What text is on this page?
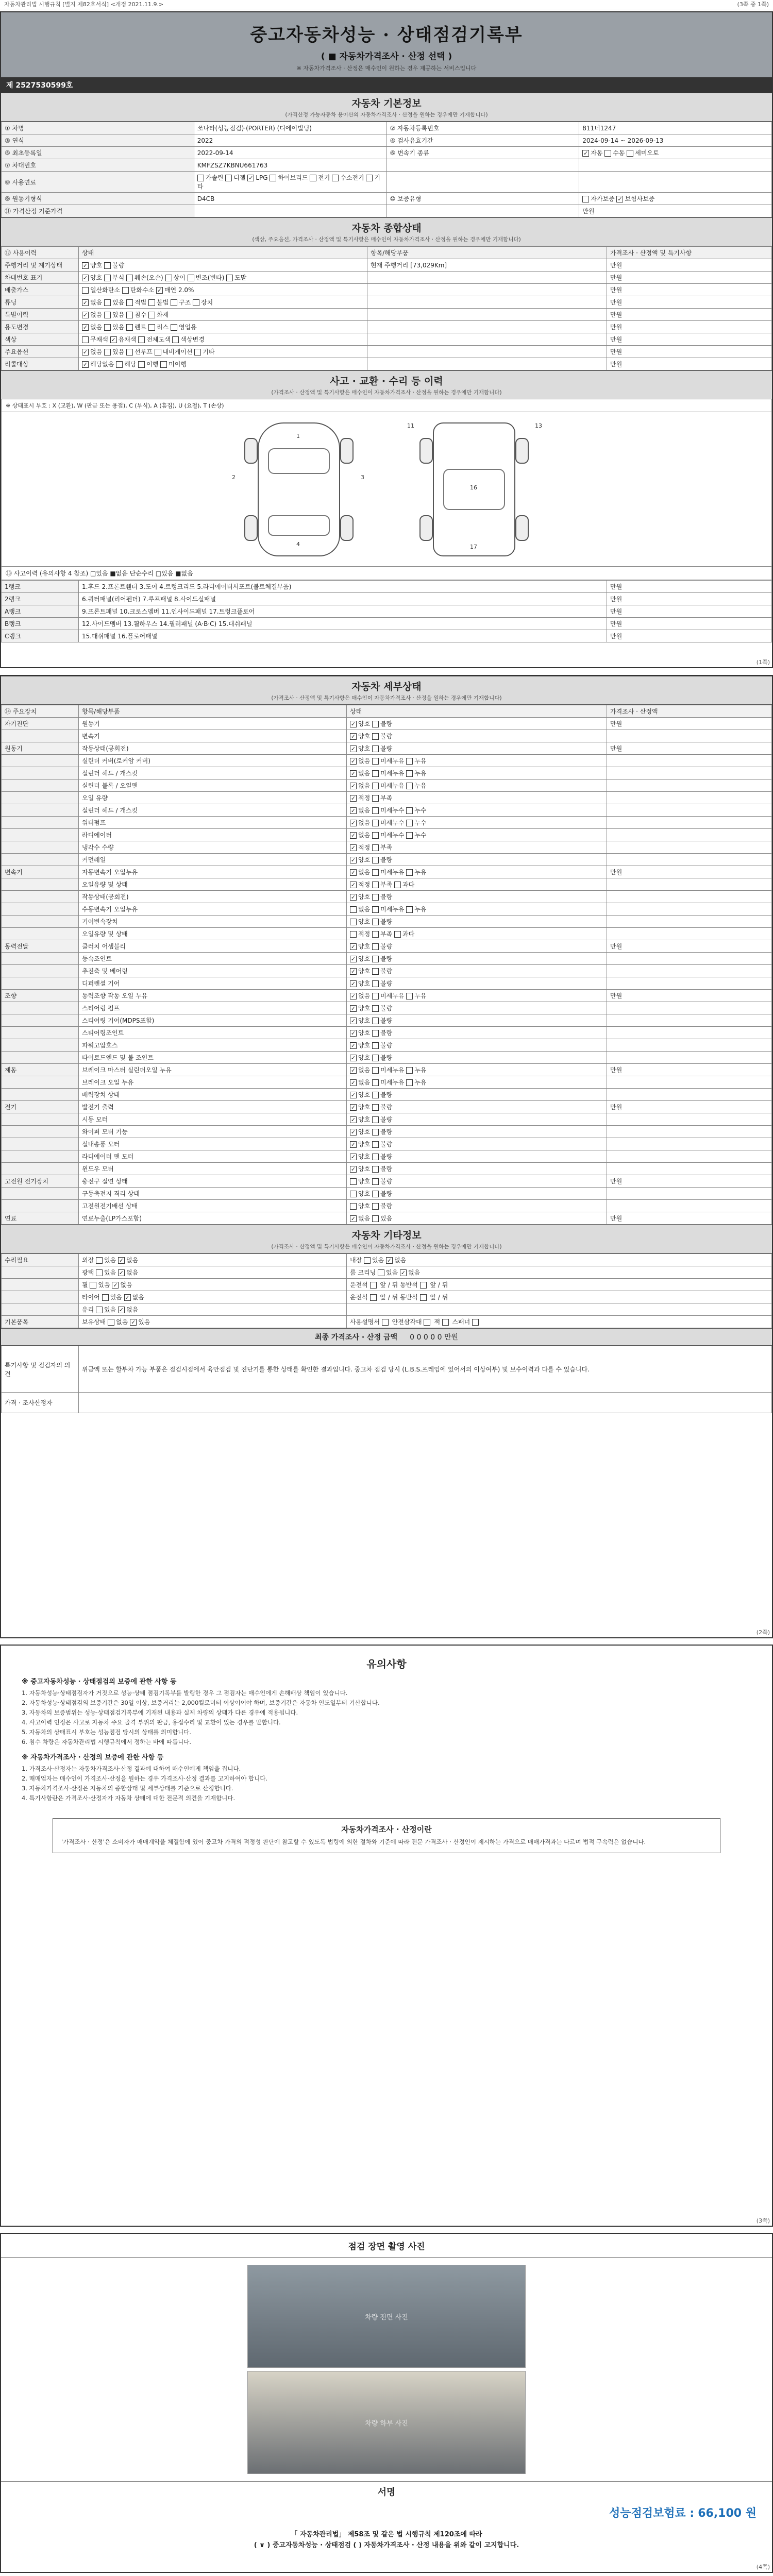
자동차관리법 시행규칙 [별지 제82호서식] <개정 2021.11.9.>	(3쪽 중 1쪽)
중고자동차성능 · 상태점검기록부
( ■ 자동차가격조사 · 산정 선택 )
※ 자동차가격조사 · 산정은 매수인이 원하는 경우 제공하는 서비스입니다
제 2527530599호
자동차 기본정보
(가격산정 가능자동차 용이산의 자동차가격조사 · 산정을 원하는 경우에만 기재합니다)
① 차명	쏘나타(성능점검)·(PORTER) (디에이빌딩)	② 자동차등록번호	811너1247
③ 연식	2022	④ 검사유효기간	2024-09-14 ~ 2026-09-13
⑤ 최초등록일	2022-09-14	⑥ 변속기 종류	✓자동 수동 세미오토
⑦ 차대번호	KMFZSZ7KBNU661763		
⑧ 사용연료	가솔린 디젤 ✓LPG 하이브리드 전기 수소전기 기타		
⑨ 원동기형식	D4CB	⑩ 보증유형	자가보증 ✓보험사보증
⑪ 가격산정 기준가격			만원
자동차 종합상태
(색상, 주요옵션, 가격조사 · 산정액 및 특기사항은 매수인이 자동차가격조사 · 산정을 원하는 경우에만 기재합니다)
⑫ 사용이력	상태	항목/해당부품	가격조사 · 산정액 및 특기사항
주행거리 및 계기상태	✓양호 불량	현재 주행거리 [73,029Km]	만원
차대번호 표기	✓양호 부식 훼손(오손) 상이 변조(변타) 도말		만원
배출가스	일산화탄소 탄화수소 ✓매연 2.0%		만원
튜닝	✓없음 있음 적법 불법 구조 장치		만원
특별이력	✓없음 있음 침수 화재		만원
용도변경	✓없음 있음 렌트 리스 영업용		만원
색상	무채색 ✓유채색 전체도색 색상변경		만원
주요옵션	✓없음 있음 선루프 내비게이션 기타		만원
리콜대상	✓해당없음 해당 이행 미이행		만원
사고 · 교환 · 수리 등 이력
(가격조사 · 산정액 및 특기사항은 매수인이 자동차가격조사 · 산정을 원하는 경우에만 기재합니다)
※ 상태표시 부호 : X (교환), W (판금 또는 용접), C (부식), A (흠집), U (요철), T (손상)
1
2	3
4
11	13
16
17
⑬ 사고이력 (유의사항 4 참조) □있음 ■없음 단순수리 □있음 ■없음
1랭크	1.후드 2.프론트휀더 3.도어 4.트렁크리드 5.라디에이터서포트(볼트체결부품)	만원
2랭크	6.쿼터패널(리어펜더) 7.루프패널 8.사이드실패널	만원
A랭크	9.프론트패널 10.크로스멤버 11.인사이드패널 17.트렁크플로어	만원
B랭크	12.사이드멤버 13.휠하우스 14.필러패널 (A·B·C) 15.대쉬패널	만원
C랭크	15.대쉬패널 16.플로어패널	만원
(1쪽)
자동차 세부상태
(가격조사 · 산정액 및 특기사항은 매수인이 자동차가격조사 · 산정을 원하는 경우에만 기재합니다)
⑭ 주요장치	항목/해당부품	상태	가격조사 · 산정액
자기진단	원동기	✓양호 불량	만원
	변속기	✓양호 불량	
원동기	작동상태(공회전)	✓양호 불량	만원
	실린더 커버(로커암 커버)	✓없음 미세누유 누유	
	실린더 헤드 / 개스킷	✓없음 미세누유 누유	
	실린더 블록 / 오일팬	✓없음 미세누유 누유	
	오일 유량	✓적정 부족	
	실린더 헤드 / 개스킷	✓없음 미세누수 누수	
	워터펌프	✓없음 미세누수 누수	
	라디에이터	✓없음 미세누수 누수	
	냉각수 수량	✓적정 부족	
	커먼레일	✓양호 불량	
변속기	자동변속기 오일누유	✓없음 미세누유 누유	만원
	오일유량 및 상태	✓적정 부족 과다	
	작동상태(공회전)	✓양호 불량	
	수동변속기 오일누유	없음 미세누유 누유	
	기어변속장치	양호 불량	
	오일유량 및 상태	적정 부족 과다	
동력전달	클러치 어셈블리	✓양호 불량	만원
	등속조인트	✓양호 불량	
	추진축 및 베어링	✓양호 불량	
	디퍼렌셜 기어	✓양호 불량	
조향	동력조향 작동 오일 누유	✓없음 미세누유 누유	만원
	스티어링 펌프	✓양호 불량	
	스티어링 기어(MDPS포함)	✓양호 불량	
	스티어링조인트	✓양호 불량	
	파워고압호스	✓양호 불량	
	타이로드엔드 및 볼 조인트	✓양호 불량	
제동	브레이크 마스터 실린더오일 누유	✓없음 미세누유 누유	만원
	브레이크 오일 누유	✓없음 미세누유 누유	
	배력장치 상태	✓양호 불량	
전기	발전기 출력	✓양호 불량	만원
	시동 모터	✓양호 불량	
	와이퍼 모터 기능	✓양호 불량	
	실내송풍 모터	✓양호 불량	
	라디에이터 팬 모터	✓양호 불량	
	윈도우 모터	✓양호 불량	
고전원 전기장치	충전구 절연 상태	양호 불량	만원
	구동축전지 격리 상태	양호 불량	
	고전원전기배선 상태	양호 불량	
연료	연료누출(LP가스포함)	✓없음 있음	만원
자동차 기타정보
(가격조사 · 산정액 및 특기사항은 매수인이 자동차가격조사 · 산정을 원하는 경우에만 기재합니다)
수리필요	외장 있음 ✓없음	내장 있음 ✓없음
	광택 있음 ✓없음	룸 크리닝 있음 ✓없음
	휠 있음 ✓없음	운전석  앞 / 뒤 동반석  앞 / 뒤
	타이어 있음 ✓없음	운전석  앞 / 뒤 동반석  앞 / 뒤
	유리 있음 ✓없음	
기본품목	보유상태 없음 ✓있음	사용설명서  안전삼각대  잭  스패너
최종 가격조사 · 산정 금액 0 0 0 0 0 만원
특기사항 및 점검자의 의견	위금액 또는 할부차 가능 부품은 점검시점에서 육안점검 및 진단기를 통한 상태를 확인한 결과입니다. 중고차 점검 당시 (L.B.S.프레임에 있어서의 이상여부) 및 보수이력과 다를 수 있습니다.
가격 · 조사산정자	
(2쪽)
유의사항
※ 중고자동차성능 · 상태점검의 보증에 관한 사항 등

1. 자동차성능·상태점검자가 거짓으로 성능·상태 점검기록부를 발행한 경우 그 점검자는 매수인에게 손해배상 책임이 있습니다.

2. 자동차성능·상태점검의 보증기간은 30일 이상, 보증거리는 2,000킬로미터 이상이어야 하며, 보증기간은 자동차 인도일부터 기산합니다.

3. 자동차의 보증범위는 성능·상태점검기록부에 기재된 내용과 실제 차량의 상태가 다른 경우에 적용됩니다.

4. 사고이력 인정은 사고로 자동차 주요 골격 부위의 판금, 용접수리 및 교환이 있는 경우를 말합니다.

5. 자동차의 상태표시 부호는 성능점검 당시의 상태를 의미합니다.

6. 침수 차량은 자동차관리법 시행규칙에서 정하는 바에 따릅니다.

※ 자동차가격조사 · 산정의 보증에 관한 사항 등

1. 가격조사·산정자는 자동차가격조사·산정 결과에 대하여 매수인에게 책임을 집니다.

2. 매매업자는 매수인이 가격조사·산정을 원하는 경우 가격조사·산정 결과를 고지하여야 합니다.

3. 자동차가격조사·산정은 자동차의 종합상태 및 세부상태를 기준으로 산정합니다.

4. 특기사항란은 가격조사·산정자가 자동차 상태에 대한 전문적 의견을 기재합니다.

자동차가격조사 · 산정이란

'가격조사 · 산정'은 소비자가 매매계약을 체결함에 있어 중고차 가격의 적정성 판단에 참고할 수 있도록 법령에 의한 절차와 기준에 따라 전문 가격조사 · 산정인이 제시하는 가격으로 매매가격과는 다르며 법적 구속력은 없습니다.

(3쪽)
점검 장면 촬영 사진
차량 전면 사진
차량 하부 사진
서명
성능점검보험료 : 66,100 원
「 자동차관리법」 제58조 및 같은 법 시행규칙 제120조에 따라
( ∨ ) 중고자동차성능 · 상태점검 ( ) 자동차가격조사 · 산정 내용을 위와 같이 고지합니다.
(4쪽)
